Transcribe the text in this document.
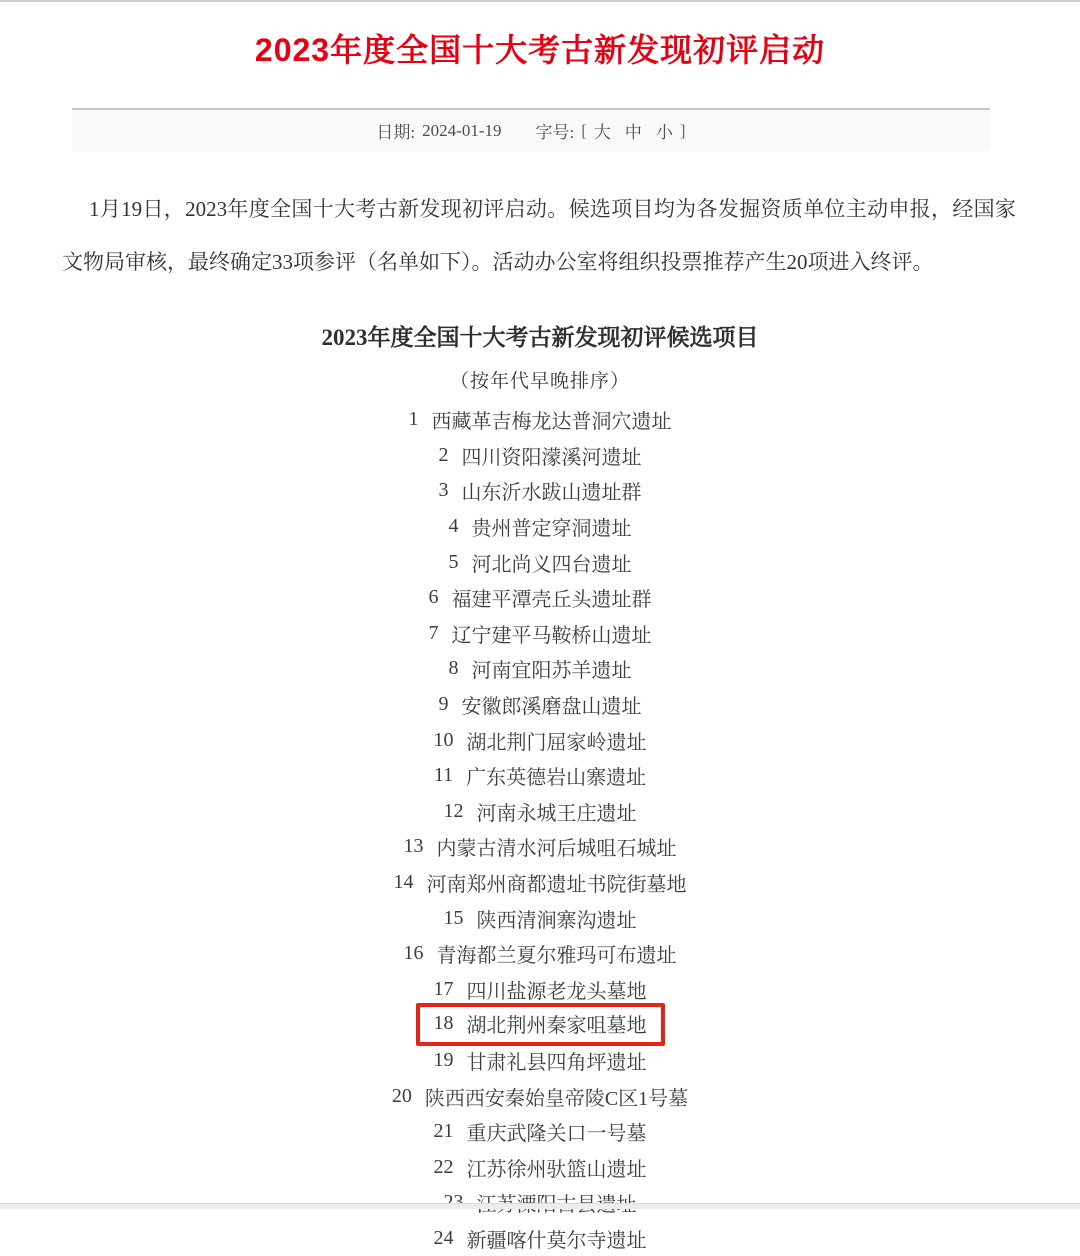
2023年度全国十大考古新发现初评启动
日期: 2024-01-19 字号: [ 大 中 小 ]

1月19日，2023年度全国十大考古新发现初评启动。候选项目均为各发掘资质单位主动申报，经国家文物局审核，最终确定33项参评（名单如下）。活动办公室将组织投票推荐产生20项进入终评。

2023年度全国十大考古新发现初评候选项目
（按年代早晚排序）
1 西藏革吉梅龙达普洞穴遗址
2 四川资阳濛溪河遗址
3 山东沂水跋山遗址群
4 贵州普定穿洞遗址
5 河北尚义四台遗址
6 福建平潭壳丘头遗址群
7 辽宁建平马鞍桥山遗址
8 河南宜阳苏羊遗址
9 安徽郎溪磨盘山遗址
10 湖北荆门屈家岭遗址
11 广东英德岩山寨遗址
12 河南永城王庄遗址
13 内蒙古清水河后城咀石城址
14 河南郑州商都遗址书院街墓地
15 陕西清涧寨沟遗址
16 青海都兰夏尔雅玛可布遗址
17 四川盐源老龙头墓地
18 湖北荆州秦家咀墓地
19 甘肃礼县四角坪遗址
20 陕西西安秦始皇帝陵C区1号墓
21 重庆武隆关口一号墓
22 江苏徐州驮篮山遗址
24 新疆喀什莫尔寺遗址
